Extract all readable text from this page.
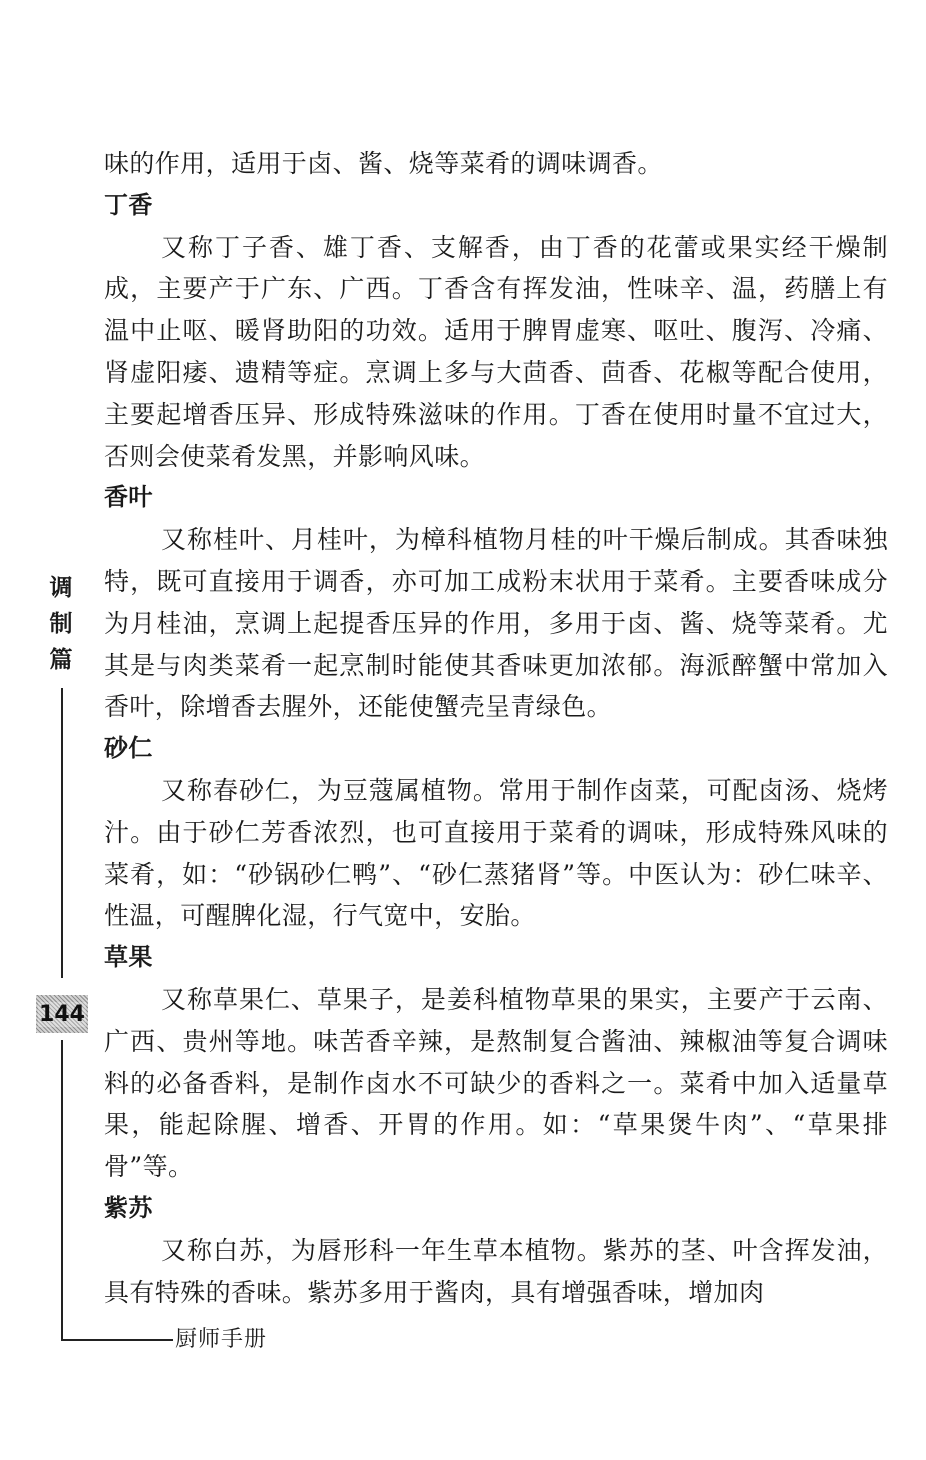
味的作用，适用于卤、酱、烧等菜肴的调味调香。

丁香

又称丁子香、雄丁香、支解香，由丁香的花蕾或果实经干燥制成，主要产于广东、广西。丁香含有挥发油，性味辛、温，药膳上有温中止呕、暖肾助阳的功效。适用于脾胃虚寒、呕吐、腹泻、冷痛、肾虚阳痿、遗精等症。烹调上多与大茴香、茴香、花椒等配合使用，主要起增香压异、形成特殊滋味的作用。丁香在使用时量不宜过大，否则会使菜肴发黑，并影响风味。

香叶

又称桂叶、月桂叶，为樟科植物月桂的叶干燥后制成。其香味独特，既可直接用于调香，亦可加工成粉末状用于菜肴。主要香味成分为月桂油，烹调上起提香压异的作用，多用于卤、酱、烧等菜肴。尤其是与肉类菜肴一起烹制时能使其香味更加浓郁。海派醉蟹中常加入香叶，除增香去腥外，还能使蟹壳呈青绿色。

砂仁

又称春砂仁，为豆蔻属植物。常用于制作卤菜，可配卤汤、烧烤汁。由于砂仁芳香浓烈，也可直接用于菜肴的调味，形成特殊风味的菜肴，如：“砂锅砂仁鸭”、“砂仁蒸猪肾”等。中医认为：砂仁味辛、性温，可醒脾化湿，行气宽中，安胎。

草果

又称草果仁、草果子，是姜科植物草果的果实，主要产于云南、广西、贵州等地。味苦香辛辣，是熬制复合酱油、辣椒油等复合调味料的必备香料，是制作卤水不可缺少的香料之一。菜肴中加入适量草果，能起除腥、增香、开胃的作用。如：“草果煲牛肉”、“草果排骨”等。

紫苏

又称白苏，为唇形科一年生草本植物。紫苏的茎、叶含挥发油，具有特殊的香味。紫苏多用于酱肉，具有增强香味，增加肉

调
制
篇
144
厨师手册
